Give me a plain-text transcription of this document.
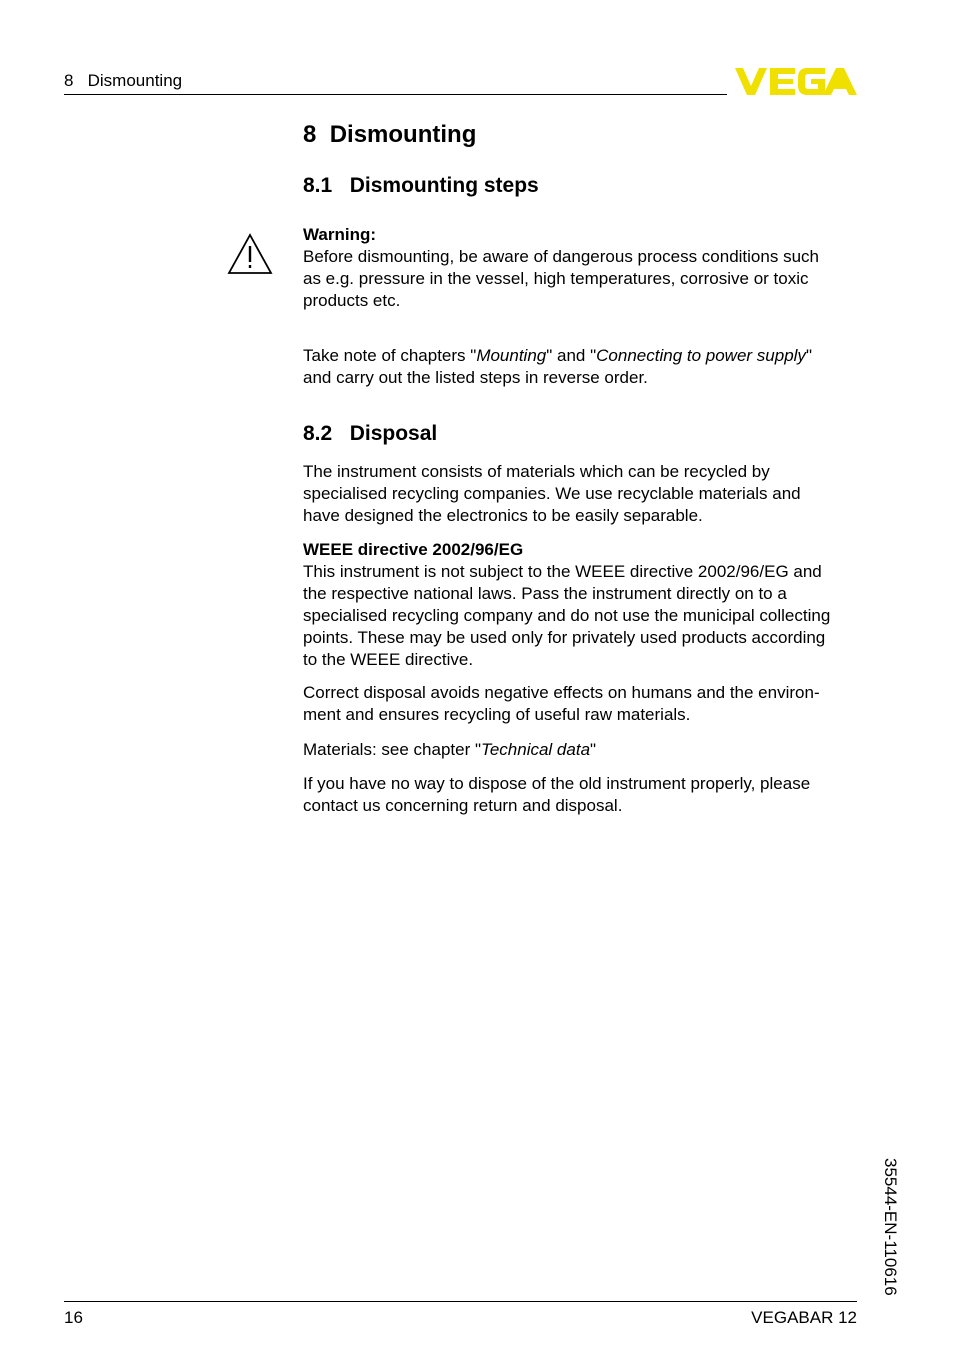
8   Dismounting
8 Dismounting
8.1 Dismounting steps

Warning:

Before dismounting, be aware of dangerous process conditions such
as e.g. pressure in the vessel, high temperatures, corrosive or toxic
products etc.

Take note of chapters "Mounting" and "Connecting to power supply"
and carry out the listed steps in reverse order.

8.2 Disposal

The instrument consists of materials which can be recycled by
specialised recycling companies. We use recyclable materials and
have designed the electronics to be easily separable.

WEEE directive 2002/96/EG

This instrument is not subject to the WEEE directive 2002/96/EG and
the respective national laws. Pass the instrument directly on to a
specialised recycling company and do not use the municipal collecting
points. These may be used only for privately used products according
to the WEEE directive.

Correct disposal avoids negative effects on humans and the environ-
ment and ensures recycling of useful raw materials.

Materials: see chapter "Technical data"

If you have no way to dispose of the old instrument properly, please
contact us concerning return and disposal.

35544-EN-110616
16	VEGABAR 12
